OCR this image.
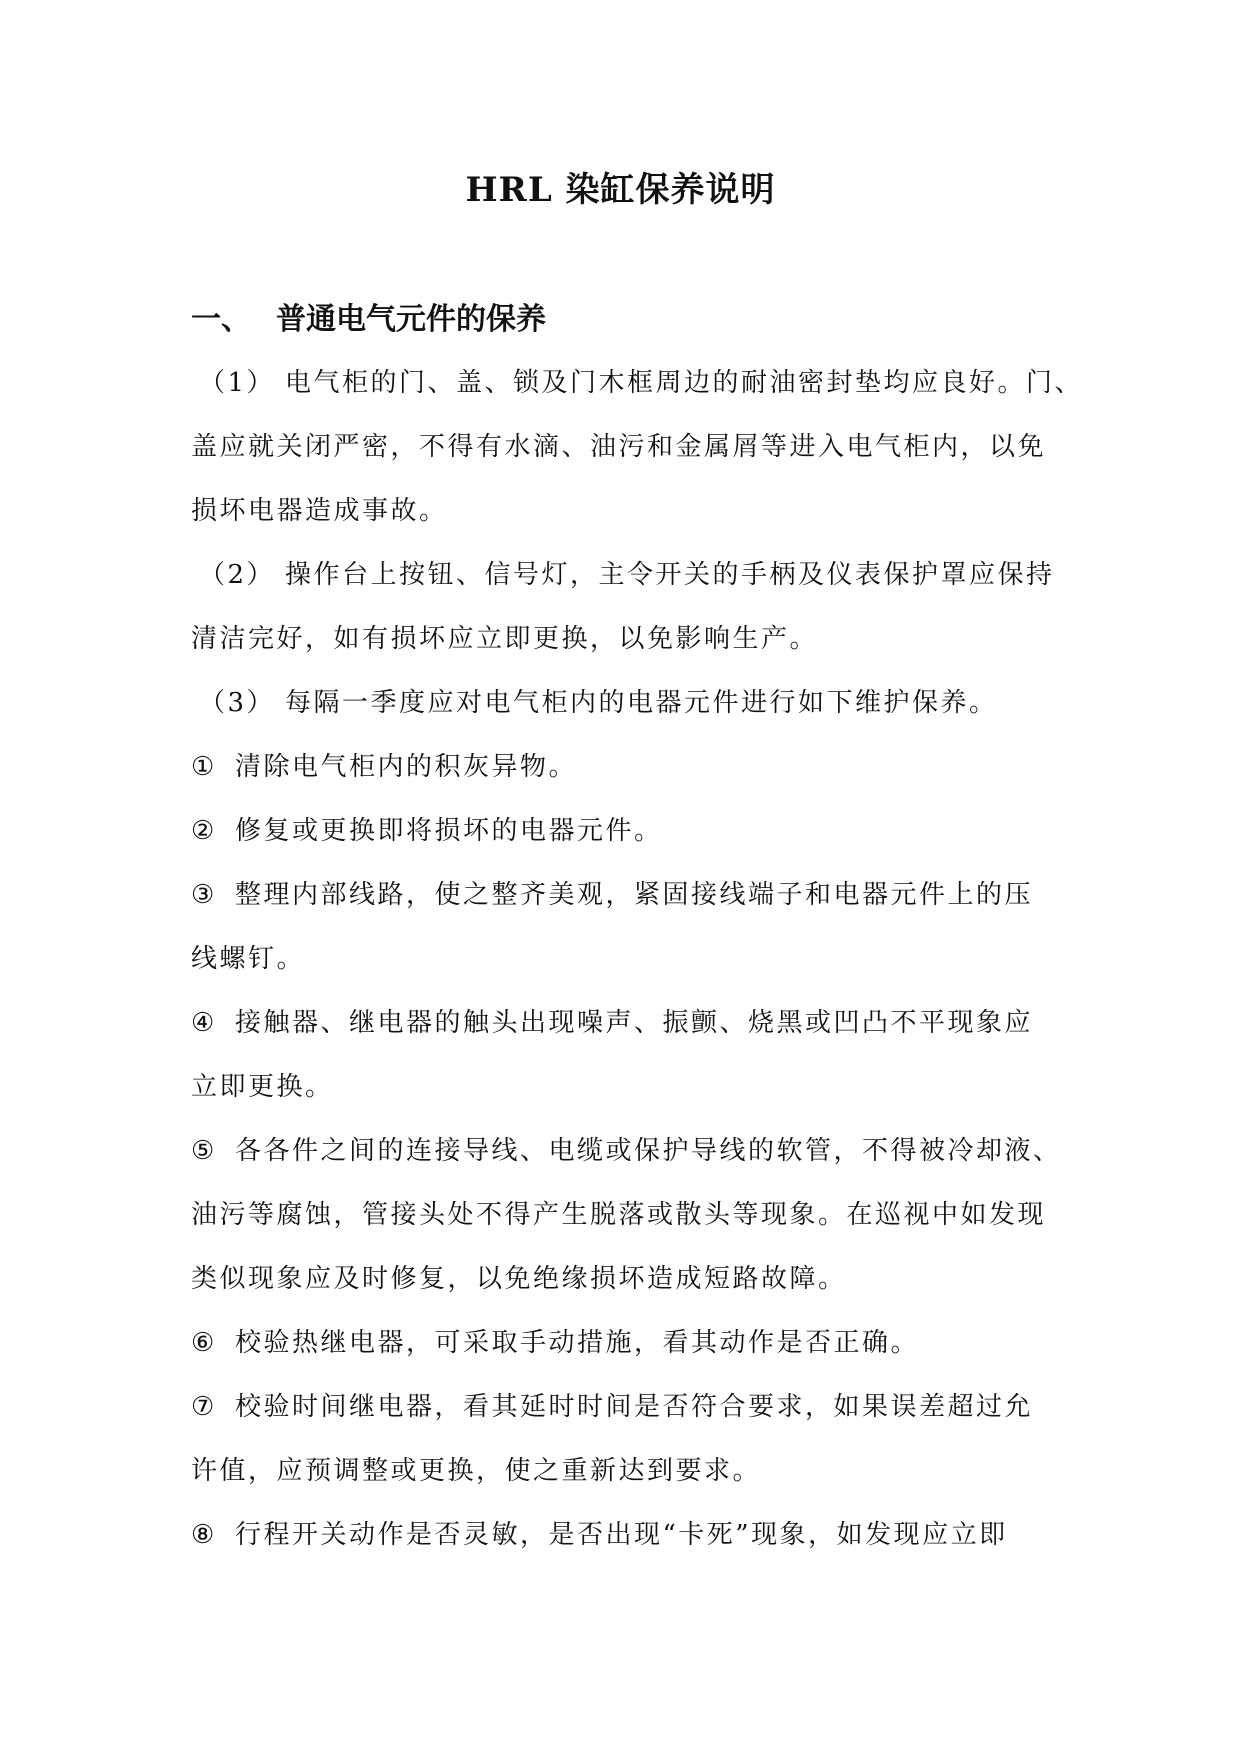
HRL 染缸保养说明
一、 普通电气元件的保养
（1） 电气柜的门、盖、锁及门木框周边的耐油密封垫均应良好。门、
盖应就关闭严密，不得有水滴、油污和金属屑等进入电气柜内，以免
损坏电器造成事故。
（2） 操作台上按钮、信号灯，主令开关的手柄及仪表保护罩应保持
清洁完好，如有损坏应立即更换，以免影响生产。
（3） 每隔一季度应对电气柜内的电器元件进行如下维护保养。
① 清除电气柜内的积灰异物。
② 修复或更换即将损坏的电器元件。
③ 整理内部线路，使之整齐美观，紧固接线端子和电器元件上的压
线螺钉。
④ 接触器、继电器的触头出现噪声、振颤、烧黑或凹凸不平现象应
立即更换。
⑤ 各各件之间的连接导线、电缆或保护导线的软管，不得被冷却液、
油污等腐蚀，管接头处不得产生脱落或散头等现象。在巡视中如发现
类似现象应及时修复，以免绝缘损坏造成短路故障。
⑥ 校验热继电器，可采取手动措施，看其动作是否正确。
⑦ 校验时间继电器，看其延时时间是否符合要求，如果误差超过允
许值，应预调整或更换，使之重新达到要求。
⑧ 行程开关动作是否灵敏，是否出现“卡死”现象，如发现应立即
